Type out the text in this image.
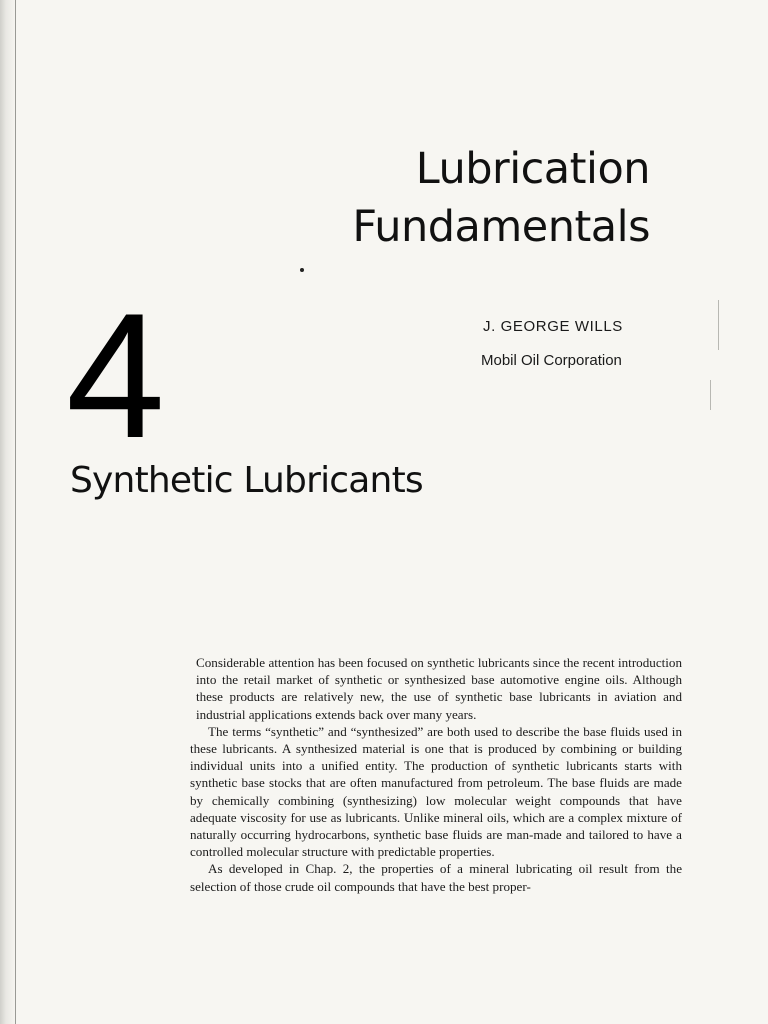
Lubrication
Fundamentals
4	J. GEORGE WILLS
Mobil Oil Corporation
Synthetic Lubricants

Considerable attention has been focused on synthetic lubricants since the recent introduction into the retail market of synthetic or synthesized base automotive engine oils. Although these products are relatively new, the use of synthetic base lubricants in aviation and industrial applications extends back over many years.

The terms “synthetic” and “synthesized” are both used to describe the base fluids used in these lubricants. A synthesized material is one that is produced by combining or building individual units into a unified entity. The production of synthetic lubricants starts with synthetic base stocks that are often manufactured from petroleum. The base fluids are made by chemically combining (synthesizing) low molecular weight compounds that have adequate viscosity for use as lubricants. Unlike mineral oils, which are a complex mixture of naturally occurring hydrocarbons, synthetic base fluids are man-made and tailored to have a controlled molecular structure with predictable properties.

As developed in Chap. 2, the properties of a mineral lubricating oil result from the selection of those crude oil compounds that have the best proper-
